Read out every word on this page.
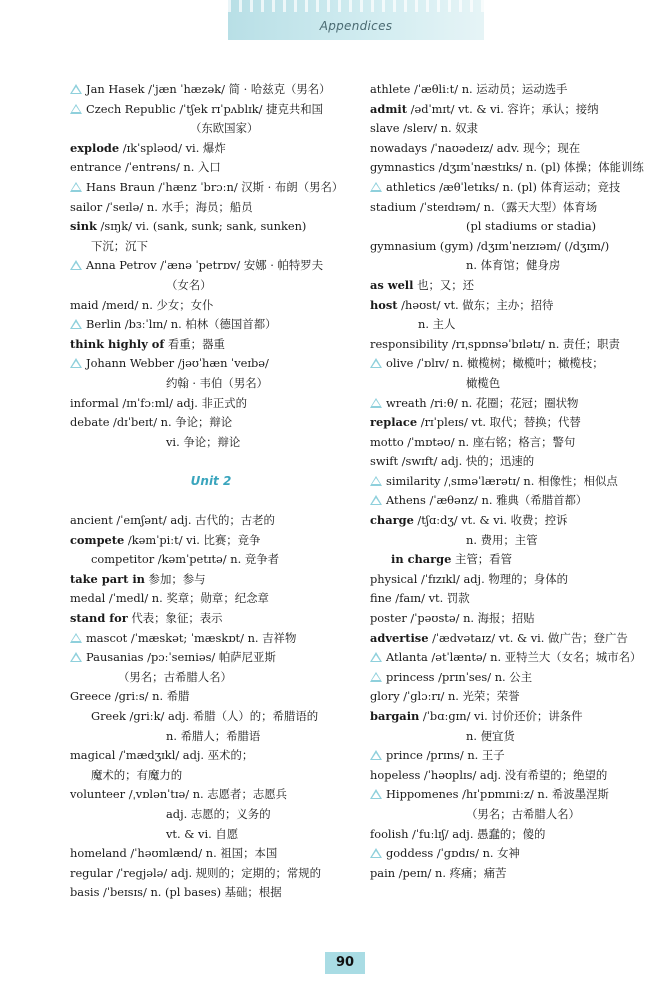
Appendices
Jan Hasek /ˈjæn ˈhæzək/ 简 · 哈兹克（男名）
Czech Republic /ˈtʃek rɪˈpʌblɪk/ 捷克共和国
（东欧国家）
explode /ɪkˈspləʊd/ vi. 爆炸
entrance /ˈentrəns/ n. 入口
Hans Braun /ˈhænz ˈbrɔːn/ 汉斯 · 布朗（男名）
sailor /ˈseɪlə/ n. 水手；海员；船员
sink /sɪŋk/ vi. (sank, sunk; sank, sunken)
下沉；沉下
Anna Petrov /ˈænə ˈpetrɒv/ 安娜 · 帕特罗夫
（女名）
maid /meɪd/ n. 少女；女仆
Berlin /bɜːˈlɪn/ n. 柏林（德国首都）
think highly of 看重；器重
Johann Webber /jəʊˈhæn ˈveɪbə/
约翰 · 韦伯（男名）
informal /ɪnˈfɔːml/ adj. 非正式的
debate /dɪˈbeɪt/ n. 争论；辩论
vi. 争论；辩论
Unit 2
ancient /ˈeɪnʃənt/ adj. 古代的；古老的
compete /kəmˈpiːt/ vi. 比赛；竞争
competitor /kəmˈpetɪtə/ n. 竞争者
take part in 参加；参与
medal /ˈmedl/ n. 奖章；勋章；纪念章
stand for 代表；象征；表示
mascot /ˈmæskət; ˈmæskɒt/ n. 吉祥物
Pausanias /pɔːˈseɪniəs/ 帕萨尼亚斯
（男名；古希腊人名）
Greece /griːs/ n. 希腊
Greek /griːk/ adj. 希腊（人）的；希腊语的
n. 希腊人；希腊语
magical /ˈmædʒɪkl/ adj. 巫术的；
魔术的；有魔力的
volunteer /ˌvɒlənˈtɪə/ n. 志愿者；志愿兵
adj. 志愿的；义务的
vt. & vi. 自愿
homeland /ˈhəʊmlænd/ n. 祖国；本国
regular /ˈregjələ/ adj. 规则的；定期的；常规的
basis /ˈbeɪsɪs/ n. (pl bases) 基础；根据
athlete /ˈæθliːt/ n. 运动员；运动选手
admit /ədˈmɪt/ vt. & vi. 容许；承认；接纳
slave /sleɪv/ n. 奴隶
nowadays /ˈnaʊədeɪz/ adv. 现今；现在
gymnastics /dʒɪmˈnæstɪks/ n. (pl) 体操；体能训练
athletics /æθˈletɪks/ n. (pl) 体育运动；竞技
stadium /ˈsteɪdɪəm/ n.（露天大型）体育场
(pl stadiums or stadia)
gymnasium (gym) /dʒɪmˈneɪzɪəm/ (/dʒɪm/)
n. 体育馆；健身房
as well 也；又；还
host /həʊst/ vt. 做东；主办；招待
n. 主人
responsibility /rɪˌspɒnsəˈbɪlətɪ/ n. 责任；职责
olive /ˈɒlɪv/ n. 橄榄树；橄榄叶；橄榄枝；
橄榄色
wreath /riːθ/ n. 花圈；花冠；圈状物
replace /rɪˈpleɪs/ vt. 取代；替换；代替
motto /ˈmɒtəʊ/ n. 座右铭；格言；警句
swift /swɪft/ adj. 快的；迅速的
similarity /ˌsɪməˈlærətɪ/ n. 相像性；相似点
Athens /ˈæθənz/ n. 雅典（希腊首都）
charge /tʃɑːdʒ/ vt. & vi. 收费；控诉
n. 费用；主管
in charge 主管；看管
physical /ˈfɪzɪkl/ adj. 物理的；身体的
fine /faɪn/ vt. 罚款
poster /ˈpəʊstə/ n. 海报；招贴
advertise /ˈædvətaɪz/ vt. & vi. 做广告；登广告
Atlanta /ətˈlæntə/ n. 亚特兰大（女名；城市名）
princess /prɪnˈses/ n. 公主
glory /ˈglɔːrɪ/ n. 光荣；荣誉
bargain /ˈbɑːgɪn/ vi. 讨价还价；讲条件
n. 便宜货
prince /prɪns/ n. 王子
hopeless /ˈhəʊplɪs/ adj. 没有希望的；绝望的
Hippomenes /hɪˈpɒmɪniːz/ n. 希波墨涅斯
（男名；古希腊人名）
foolish /ˈfuːlɪʃ/ adj. 愚蠢的；傻的
goddess /ˈgɒdɪs/ n. 女神
pain /peɪn/ n. 疼痛；痛苦
90
